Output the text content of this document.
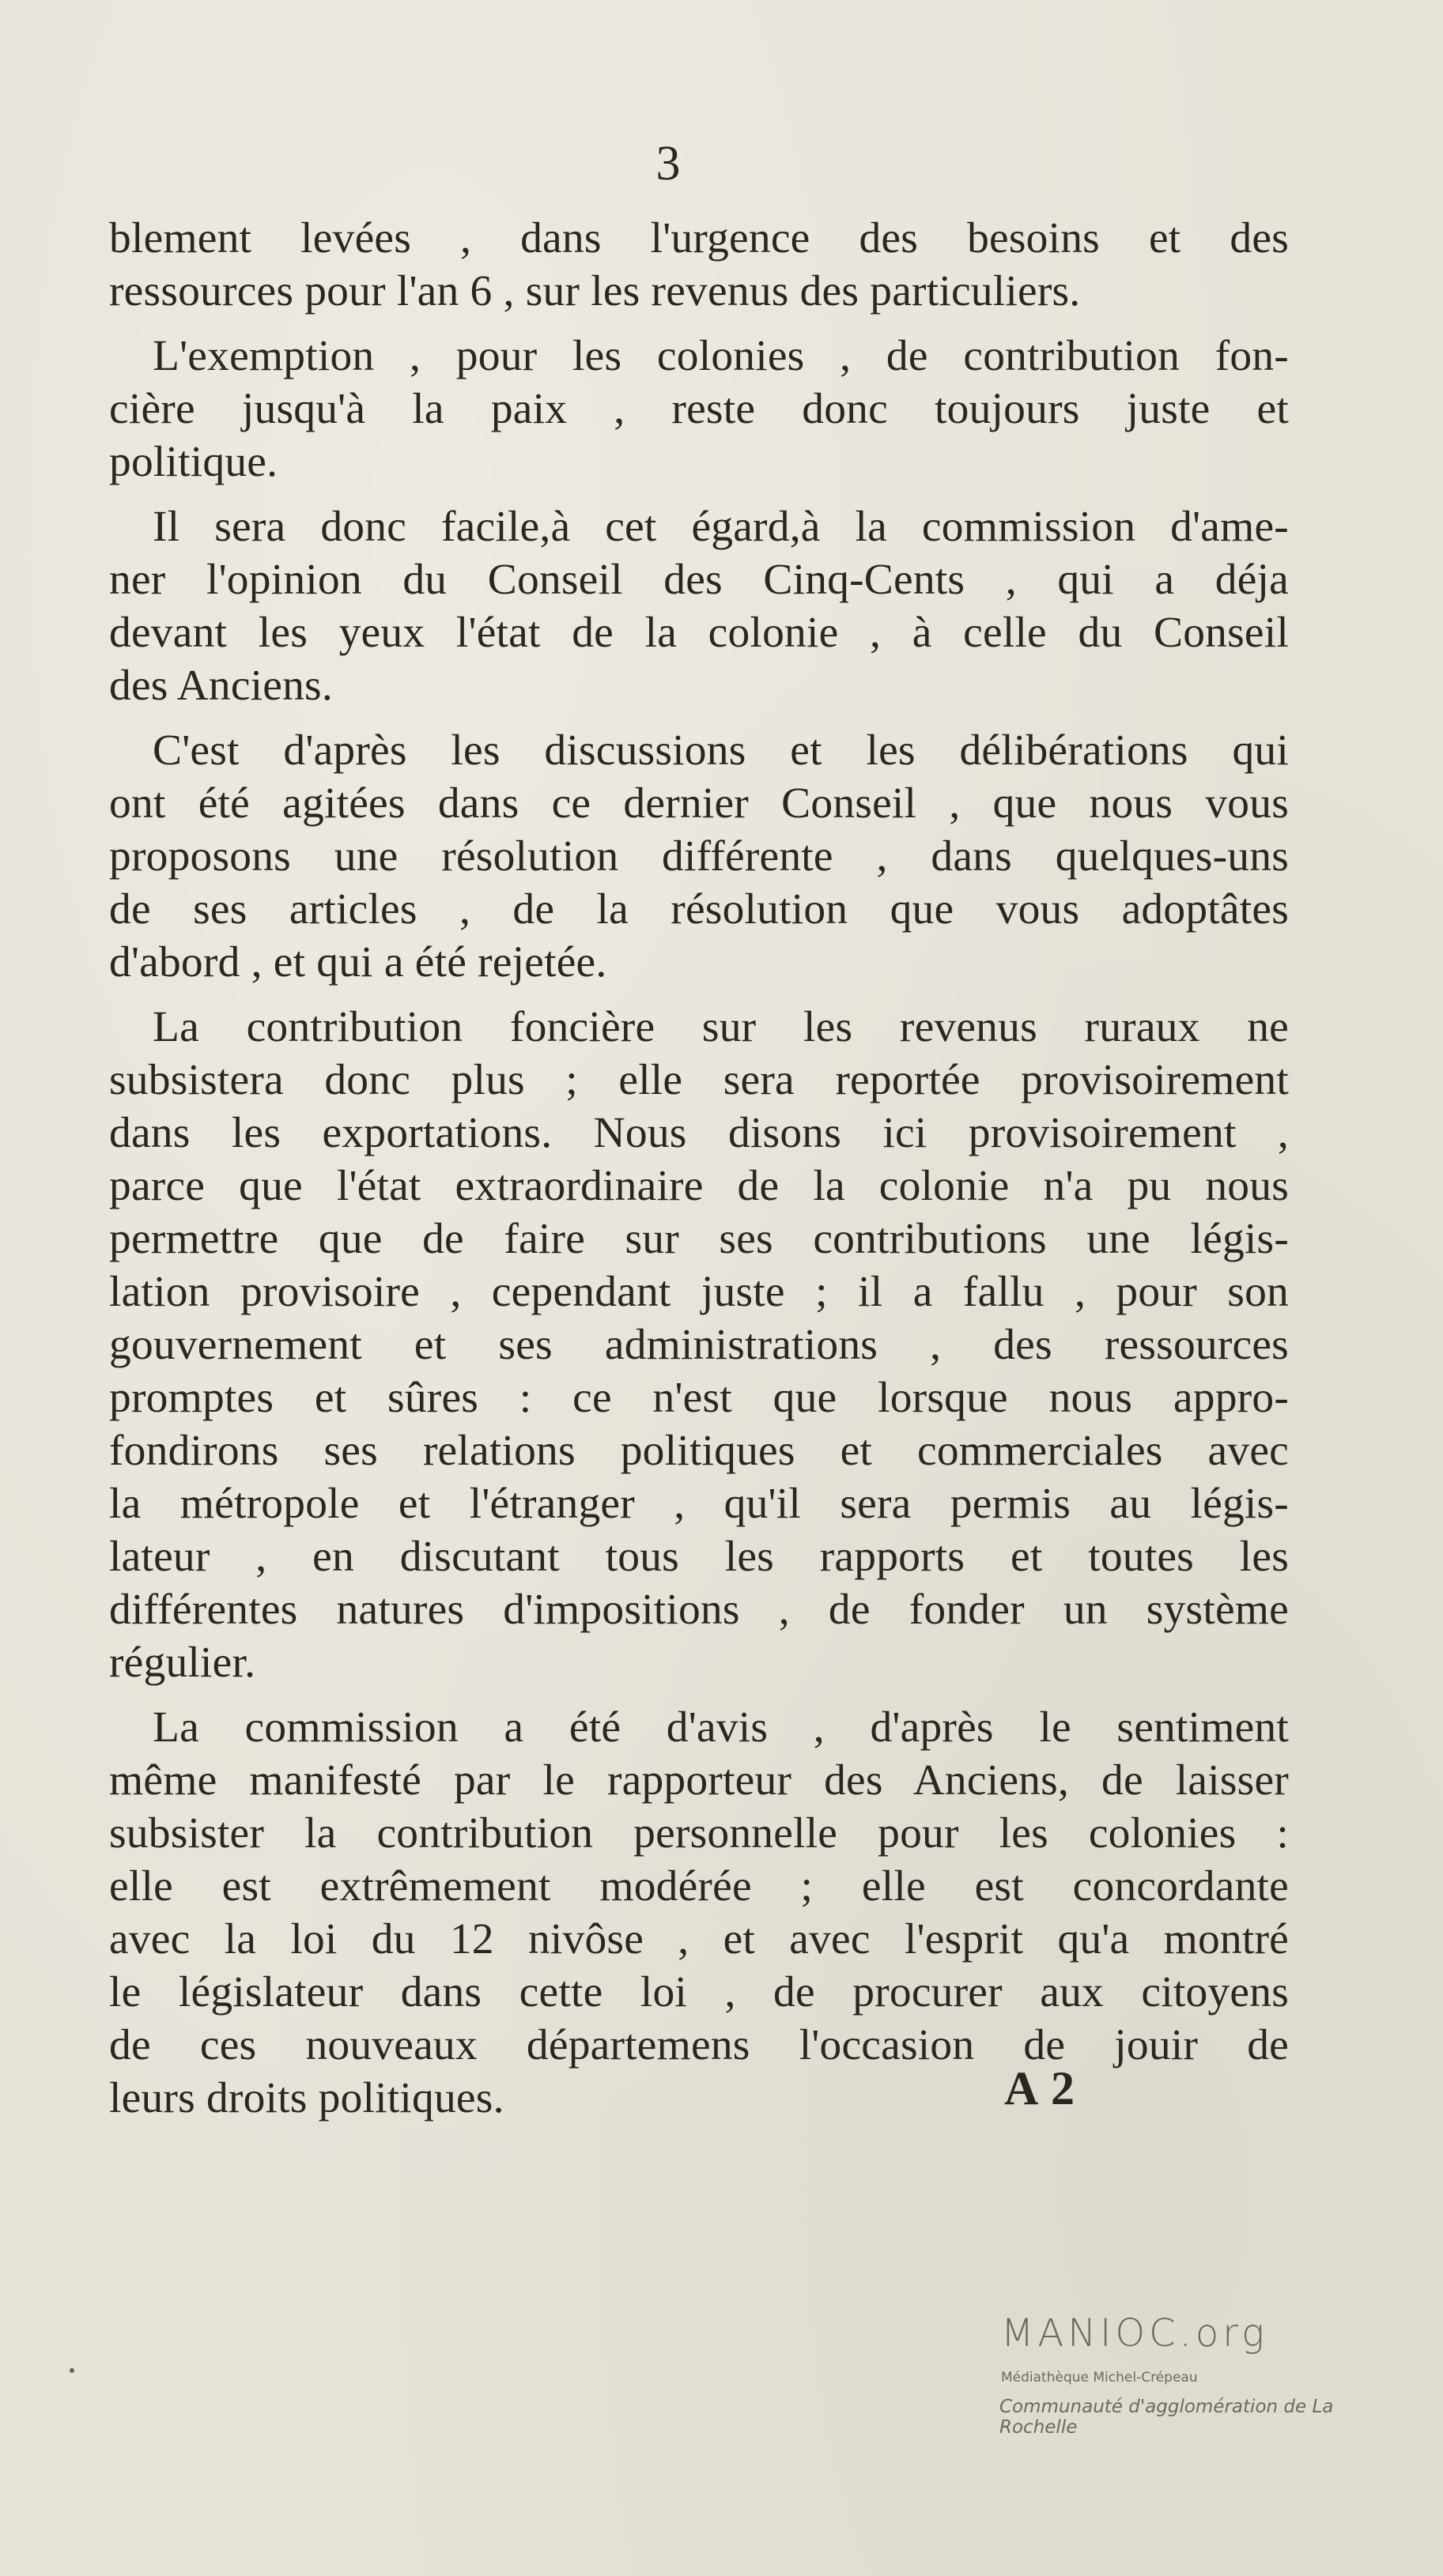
3
blement levées , dans l'urgence des besoins et des
ressources pour l'an 6 , sur les revenus des particuliers.
L'exemption , pour les colonies , de contribution fon-
cière jusqu'à la paix , reste donc toujours juste et
politique.
Il sera donc facile,à cet égard,à la commission d'ame-
ner l'opinion du Conseil des Cinq-Cents , qui a déja
devant les yeux l'état de la colonie , à celle du Conseil
des Anciens.
C'est d'après les discussions et les délibérations qui
ont été agitées dans ce dernier Conseil , que nous vous
proposons une résolution différente , dans quelques-uns
de ses articles , de la résolution que vous adoptâtes
d'abord , et qui a été rejetée.
La contribution foncière sur les revenus ruraux ne
subsistera donc plus ; elle sera reportée provisoirement
dans les exportations. Nous disons ici provisoirement ,
parce que l'état extraordinaire de la colonie n'a pu nous
permettre que de faire sur ses contributions une légis-
lation provisoire , cependant juste ; il a fallu , pour son
gouvernement et ses administrations , des ressources
promptes et sûres : ce n'est que lorsque nous appro-
fondirons ses relations politiques et commerciales avec
la métropole et l'étranger , qu'il sera permis au légis-
lateur , en discutant tous les rapports et toutes les
différentes natures d'impositions , de fonder un système
régulier.
La commission a été d'avis , d'après le sentiment
même manifesté par le rapporteur des Anciens, de laisser
subsister la contribution personnelle pour les colonies :
elle est extrêmement modérée ; elle est concordante
avec la loi du 12 nivôse , et avec l'esprit qu'a montré
le législateur dans cette loi , de procurer aux citoyens
de ces nouveaux départemens l'occasion de jouir de
leurs droits politiques.	A 2
MANIOC.org
Médiathèque Michel-Crépeau
Communauté d'agglomération de La Rochelle
